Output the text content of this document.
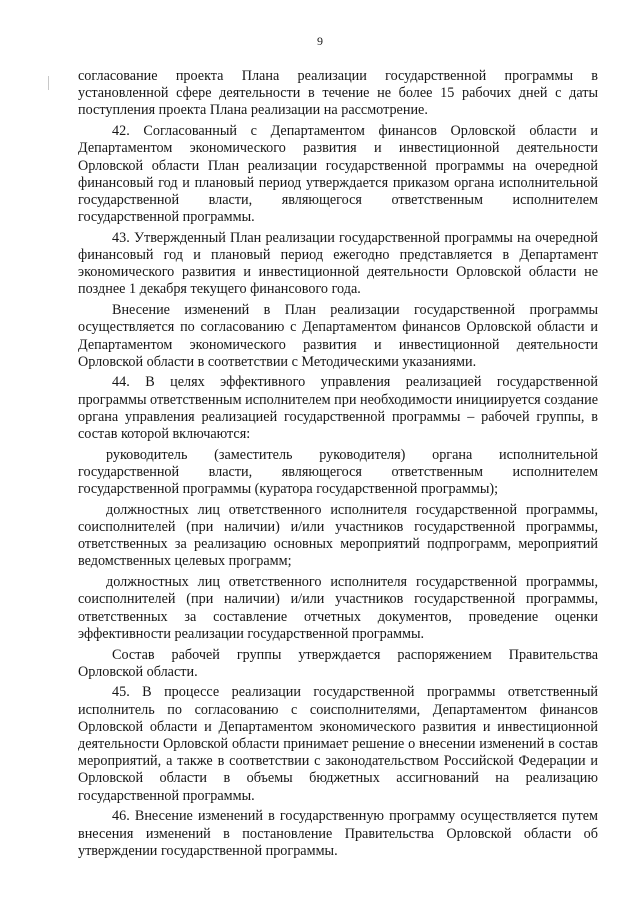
9

согласование проекта Плана реализации государственной программы в установленной сфере деятельности в течение не более 15 рабочих дней с даты поступления проекта Плана реализации на рассмотрение.

42. Согласованный с Департаментом финансов Орловской области и Департаментом экономического развития и инвестиционной деятельности Орловской области План реализации государственной программы на очередной финансовый год и плановый период утверждается приказом органа исполнительной государственной власти, являющегося ответственным исполнителем государственной программы.

43. Утвержденный План реализации государственной программы на очередной финансовый год и плановый период ежегодно представляется в Департамент экономического развития и инвестиционной деятельности Орловской области не позднее 1 декабря текущего финансового года.

Внесение изменений в План реализации государственной программы осуществляется по согласованию с Департаментом финансов Орловской области и Департаментом экономического развития и инвестиционной деятельности Орловской области в соответствии с Методическими указаниями.

44. В целях эффективного управления реализацией государственной программы ответственным исполнителем при необходимости инициируется создание органа управления реализацией государственной программы – рабочей группы, в состав которой включаются:

руководитель (заместитель руководителя) органа исполнительной государственной власти, являющегося ответственным исполнителем государственной программы (куратора государственной программы);

должностных лиц ответственного исполнителя государственной программы, соисполнителей (при наличии) и/или участников государственной программы, ответственных за реализацию основных мероприятий подпрограмм, мероприятий ведомственных целевых программ;

должностных лиц ответственного исполнителя государственной программы, соисполнителей (при наличии) и/или участников государственной программы, ответственных за составление отчетных документов, проведение оценки эффективности реализации государственной программы.

Состав рабочей группы утверждается распоряжением Правительства Орловской области.

45. В процессе реализации государственной программы ответственный исполнитель по согласованию с соисполнителями, Департаментом финансов Орловской области и Департаментом экономического развития и инвестиционной деятельности Орловской области принимает решение о внесении изменений в состав мероприятий, а также в соответствии с законодательством Российской Федерации и Орловской области в объемы бюджетных ассигнований на реализацию государственной программы.

46. Внесение изменений в государственную программу осуществляется путем внесения изменений в постановление Правительства Орловской области об утверждении государственной программы.
